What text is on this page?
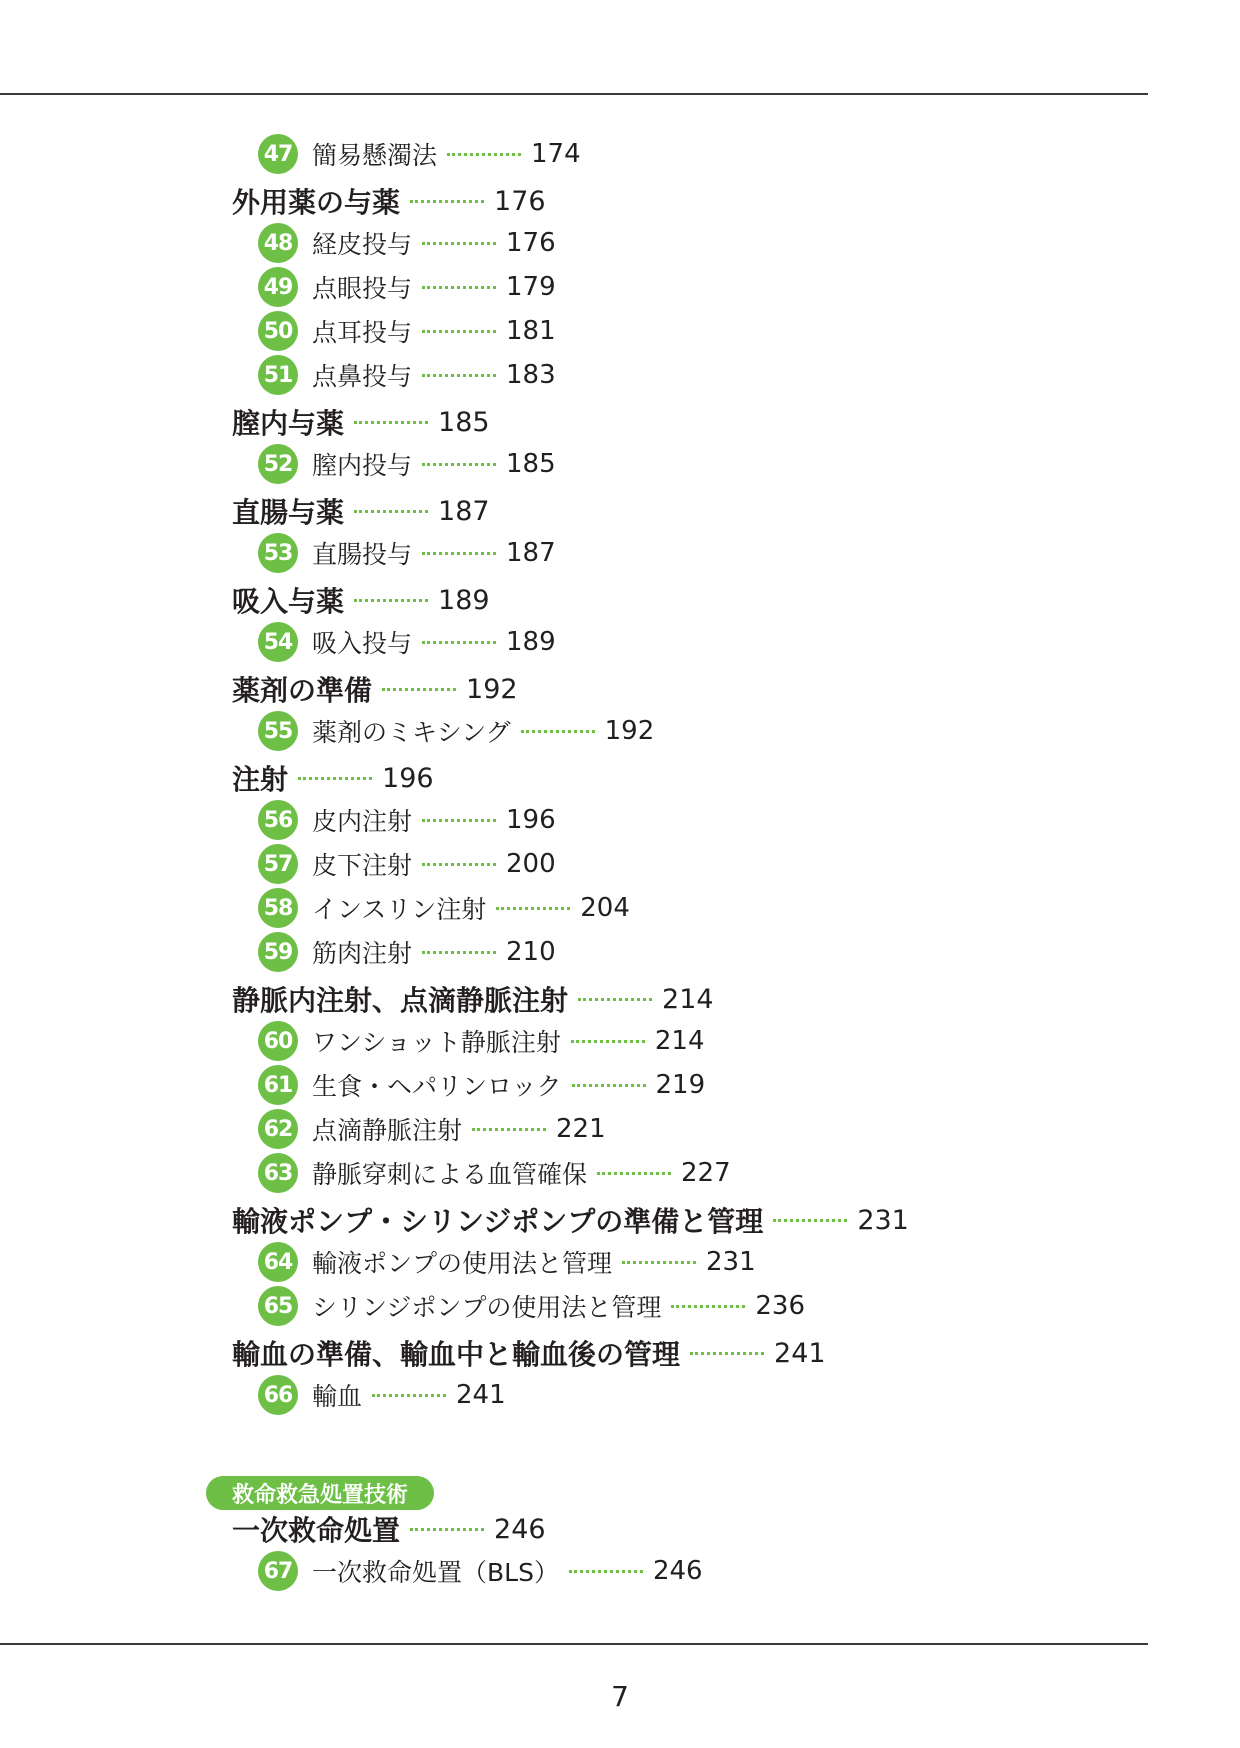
47 簡易懸濁法	174
外用薬の与薬	176
48 経皮投与	176
49 点眼投与	179
50 点耳投与	181
51 点鼻投与	183
膣内与薬	185
52 膣内投与	185
直腸与薬	187
53 直腸投与	187
吸入与薬	189
54 吸入投与	189
薬剤の準備	192
55 薬剤のミキシング	192
注射	196
56 皮内注射	196
57 皮下注射	200
58 インスリン注射	204
59 筋肉注射	210
静脈内注射、点滴静脈注射	214
60 ワンショット静脈注射	214
61 生食・ヘパリンロック	219
62 点滴静脈注射	221
63 静脈穿刺による血管確保	227
輸液ポンプ・シリンジポンプの準備と管理	231
64 輸液ポンプの使用法と管理	231
65 シリンジポンプの使用法と管理	236
輸血の準備、輸血中と輸血後の管理	241
66 輸血	241
救命救急処置技術
一次救命処置	246
67 一次救命処置（BLS）	246
7
